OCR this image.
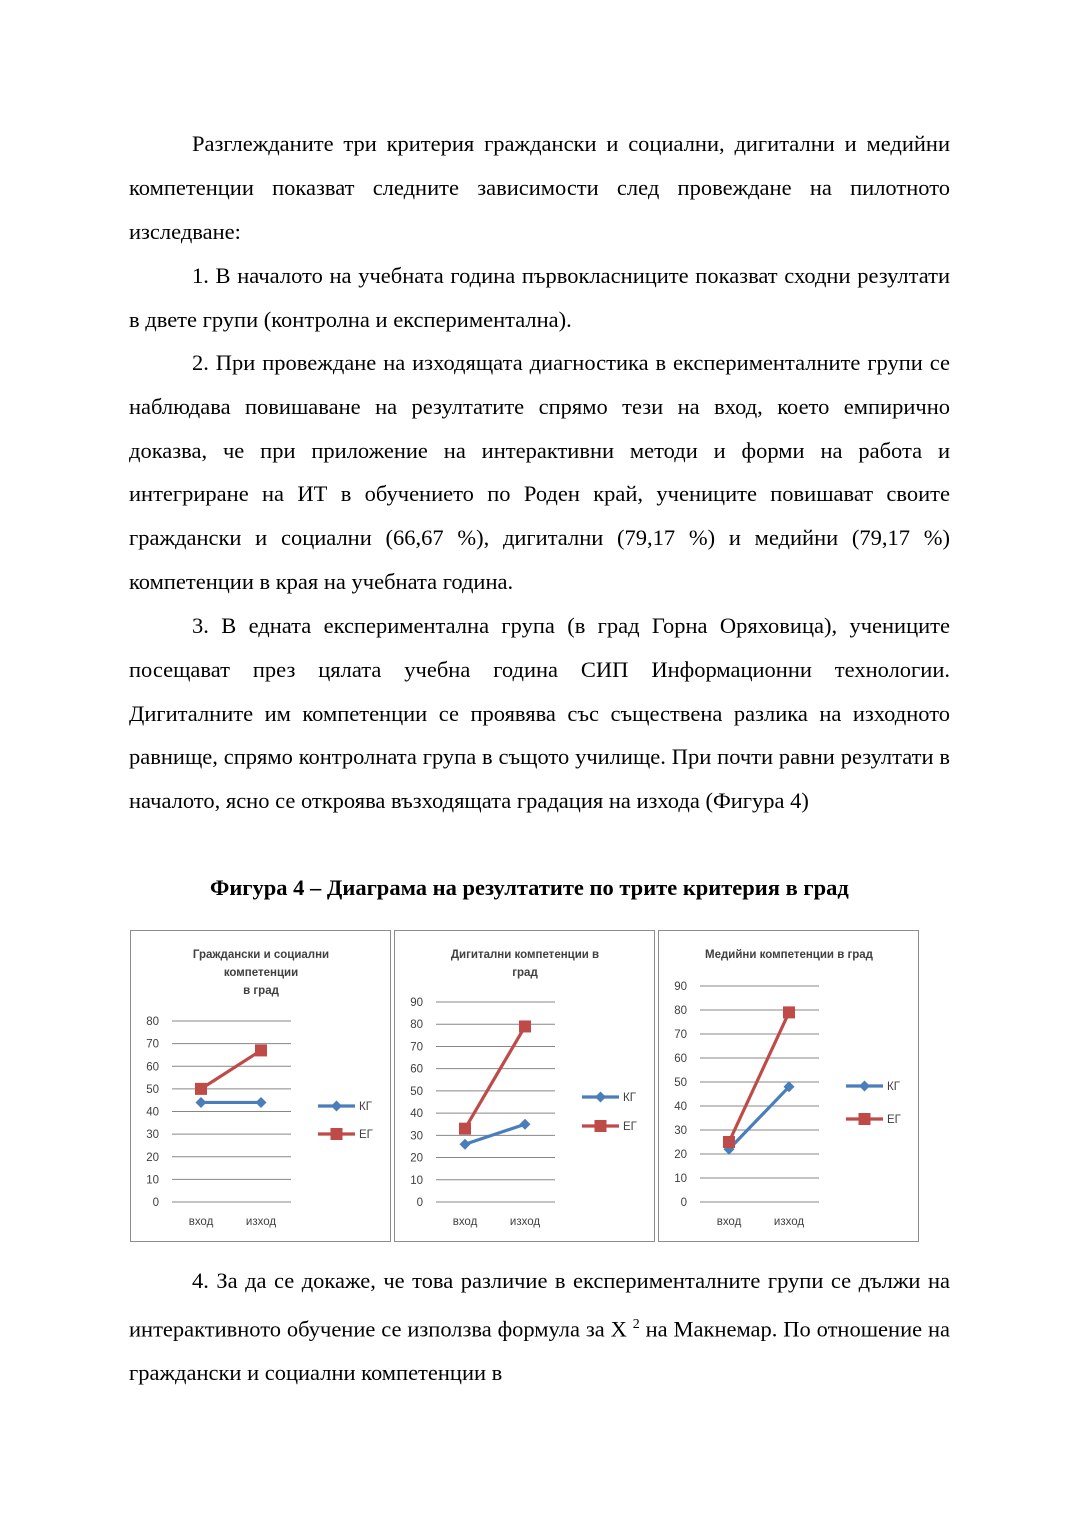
Разглежданите три критерия граждански и социални, дигитални и медийни компетенции показват следните зависимости след провеждане на пилотното изследване:

1. В началото на учебната година първокласниците показват сходни резултати в двете групи (контролна и експериментална).

2. При провеждане на изходящата диагностика в експерименталните групи се наблюдава повишаване на резултатите спрямо тези на вход, което емпирично доказва, че при приложение на интерактивни методи и форми на работа и интегриране на ИТ в обучението по Роден край, учениците повишават своите граждански и социални (66,67 %), дигитални (79,17 %) и медийни (79,17 %) компетенции в края на учебната година.

3. В едната експериментална група (в град Горна Оряховица), учениците посещават през цялата учебна година СИП Информационни технологии. Дигиталните им компетенции се проявява със съществена разлика на изходното равнище, спрямо контролната група в същото училище. При почти равни резултати в началото, ясно се откроява възходящата градация на изхода (Фигура 4)

Фигура 4 – Диаграма на резултатите по трите критерия в град

Граждански и социални
компетенции
в град
0
10
20
30
40
50
60
70
80
вход	изход
КГ
ЕГ
Дигитални компетенции в
град
0
10
20
30
40
50
60
70
80
90
вход	изход
КГ
ЕГ
Медийни компетенции в град
0
10
20
30
40
50
60
70
80
90
вход	изход
КГ
ЕГ

4. За да се докаже, че това различие в експерименталните групи се дължи на интерактивното обучение се използва формула за Х $^2$ на Макнемар. По отношение на граждански и социални компетенции в
